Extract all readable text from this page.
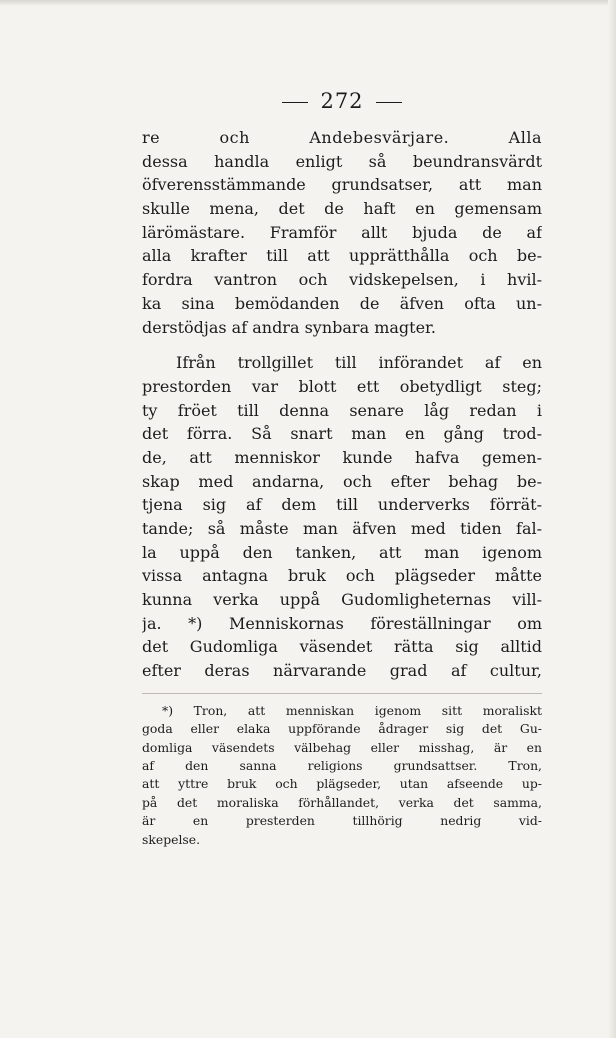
272
re och Andebesvärjare. Alla
dessa handla enligt så beundransvärdt
öfverensstämmande grundsatser, att man
skulle mena, det de haft en gemensam
lärömästare. Framför allt bjuda de af
alla krafter till att upprätthålla och be-
fordra vantron och vidskepelsen, i hvil-
ka sina bemödanden de äfven ofta un-
derstödjas af andra synbara magter.
Ifrån trollgillet till införandet af en
prestorden var blott ett obetydligt steg;
ty fröet till denna senare låg redan i
det förra. Så snart man en gång trod-
de, att menniskor kunde hafva gemen-
skap med andarna, och efter behag be-
tjena sig af dem till underverks förrät-
tande; så måste man äfven med tiden fal-
la uppå den tanken, att man igenom
vissa antagna bruk och plägseder måtte
kunna verka uppå Gudomligheternas vill-
ja. *) Menniskornas föreställningar om
det Gudomliga väsendet rätta sig alltid
efter deras närvarande grad af cultur,
*) Tron, att menniskan igenom sitt moraliskt
goda eller elaka uppförande ådrager sig det Gu-
domliga väsendets välbehag eller misshag, är en
af den sanna religions grundsattser. Tron,
att yttre bruk och plägseder, utan afseende up-
på det moraliska förhållandet, verka det samma,
är en presterden tillhörig nedrig vid-
skepelse.
